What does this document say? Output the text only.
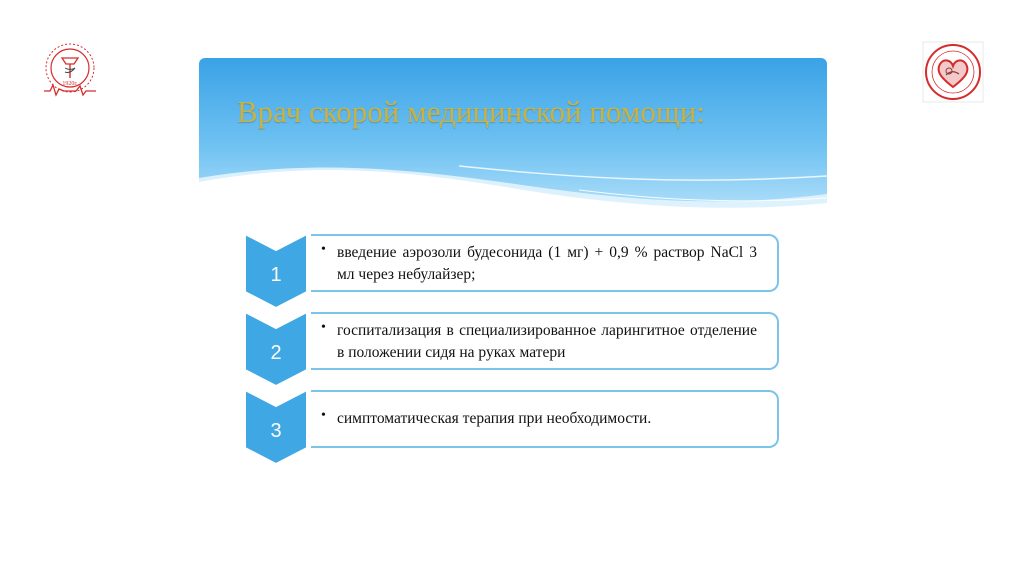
1920г.
Врач скорой медицинской помощи:
1
• введение аэрозоли будесонида (1 мг) + 0,9 % раствор NaCl 3 мл через небулайзер;
2
• госпитализация в специализированное ларингитное отделение в положении сидя на руках матери
3
• симптоматическая терапия при необходимости.
